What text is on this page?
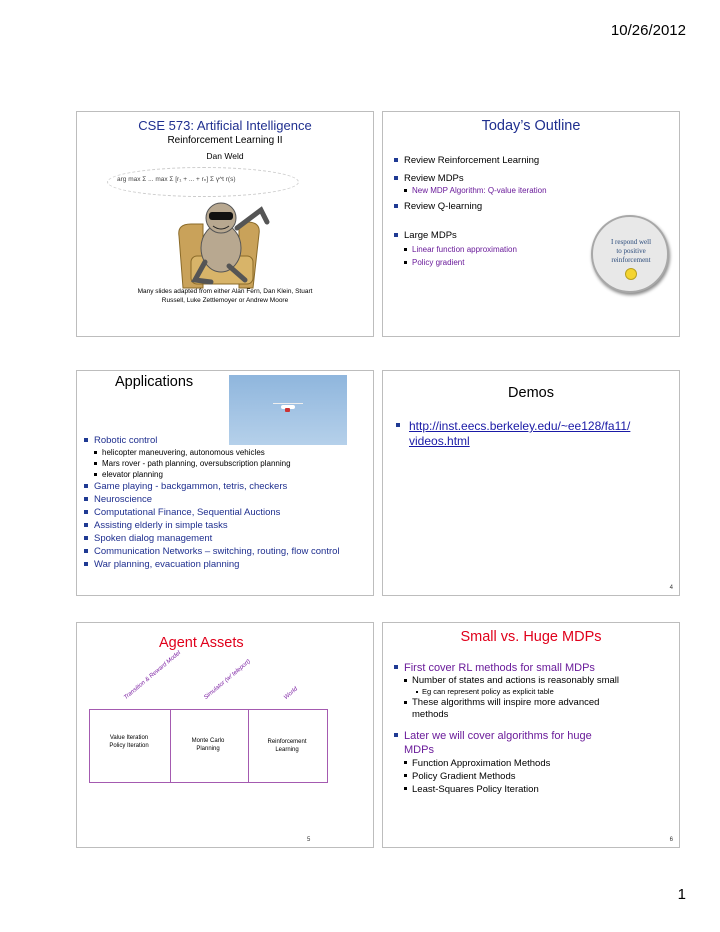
10/26/2012
CSE 573: Artificial Intelligence
Reinforcement Learning II
Dan Weld
arg max Σ ... max Σ [r₁ + ... + rₙ] Σ γ^t r(s)
Many slides adapted from either Alan Fern, Dan Klein, Stuart
Russell, Luke Zettlemoyer or Andrew Moore
Today’s Outline
Review Reinforcement Learning
Review MDPs
New MDP Algorithm: Q-value iteration
Review Q-learning
Large MDPs
Linear function approximation
Policy gradient
I respond well
to positive
reinforcement
Applications
Robotic control
helicopter maneuvering, autonomous vehicles
Mars rover - path planning, oversubscription planning
elevator planning
Game playing - backgammon, tetris, checkers
Neuroscience
Computational Finance, Sequential Auctions
Assisting elderly in simple tasks
Spoken dialog management
Communication Networks – switching, routing, flow control
War planning, evacuation planning
Demos
http://inst.eecs.berkeley.edu/~ee128/fa11/
videos.html
4
Agent Assets
Transition & Reward Model	Simulator (w/ teleport)	World
Value Iteration
Policy Iteration
Monte Carlo
Planning
Reinforcement
Learning
5
Small vs. Huge MDPs
First cover RL methods for small MDPs
Number of states and actions is reasonably small
Eg can represent policy as explicit table
These algorithms will inspire more advanced methods
Later we will cover algorithms for huge MDPs
Function Approximation Methods
Policy Gradient Methods
Least-Squares Policy Iteration
6
1
